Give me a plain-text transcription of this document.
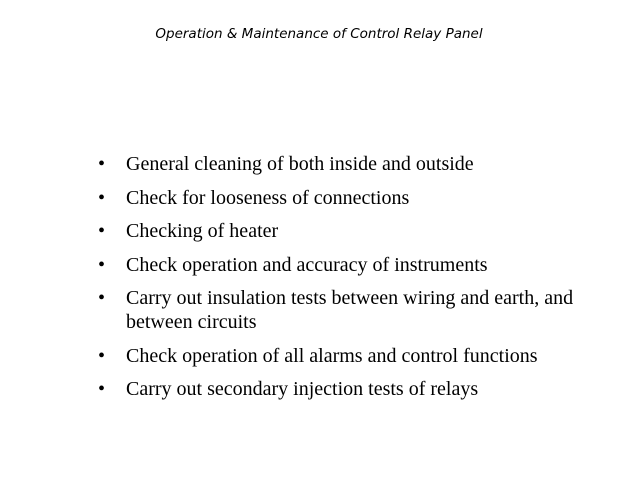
Operation & Maintenance of Control Relay Panel
• General cleaning of both inside and outside
• Check for looseness of connections
• Checking of heater
• Check operation and accuracy of instruments
• Carry out insulation tests between wiring and earth, and between circuits
• Check operation of all alarms and control functions
• Carry out secondary injection tests of relays
